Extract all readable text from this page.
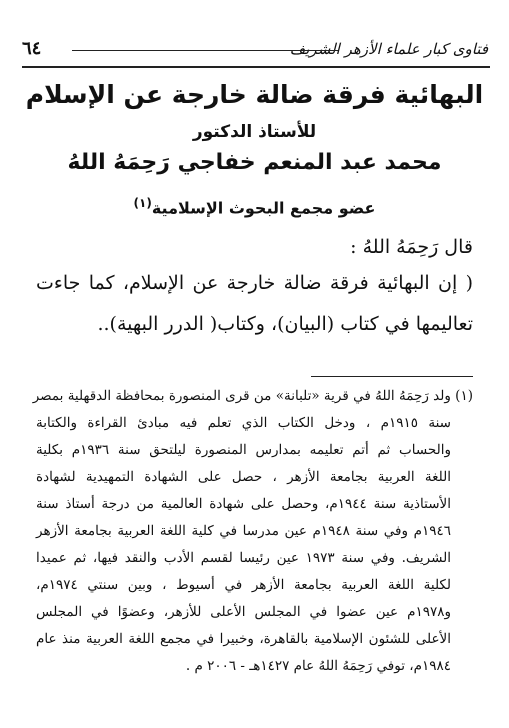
فتاوى كبار علماء الأزهر الشريف
٦٤
البهائية فرقة ضالة خارجة عن الإسلام
للأستاذ الدكتور
محمد عبد المنعم خفاجي رَحِمَهُ اللهُ
عضو مجمع البحوث الإسلامية$^{(١)}$
قال رَحِمَهُ اللهُ :
( إن البهائية فرقة ضالة خارجة عن الإسلام، كما جاءت
تعاليمها في كتاب (البيان)، وكتاب( الدرر البهية)..
(١) ولد رَحِمَهُ اللهُ في قرية «تلبانة» من قرى المنصورة بمحافظة الدقهلية بمصر
سنة ١٩١٥م ، ودخل الكتاب الذي تعلم فيه مبادئ القراءة والكتابة
والحساب ثم أتم تعليمه بمدارس المنصورة ليلتحق سنة ١٩٣٦م بكلية
اللغة العربية بجامعة الأزهر ، حصل على الشهادة التمهيدية لشهادة
الأستاذية سنة ١٩٤٤م، وحصل على شهادة العالمية من درجة أستاذ سنة
١٩٤٦م وفي سنة ١٩٤٨م عين مدرسا في كلية اللغة العربية بجامعة الأزهر
الشريف. وفي سنة ١٩٧٣ عين رئيسا لقسم الأدب والنقد فيها، ثم عميدا
لكلية اللغة العربية بجامعة الأزهر في أسيوط ، وبين سنتي ١٩٧٤م،
و١٩٧٨م عين عضوا في المجلس الأعلى للأزهر، وعضوًا في المجلس
الأعلى للشئون الإسلامية بالقاهرة، وخبيرا في مجمع اللغة العربية منذ عام
١٩٨٤م، توفي رَحِمَهُ اللهُ عام ١٤٢٧هـ - ٢٠٠٦ م .
